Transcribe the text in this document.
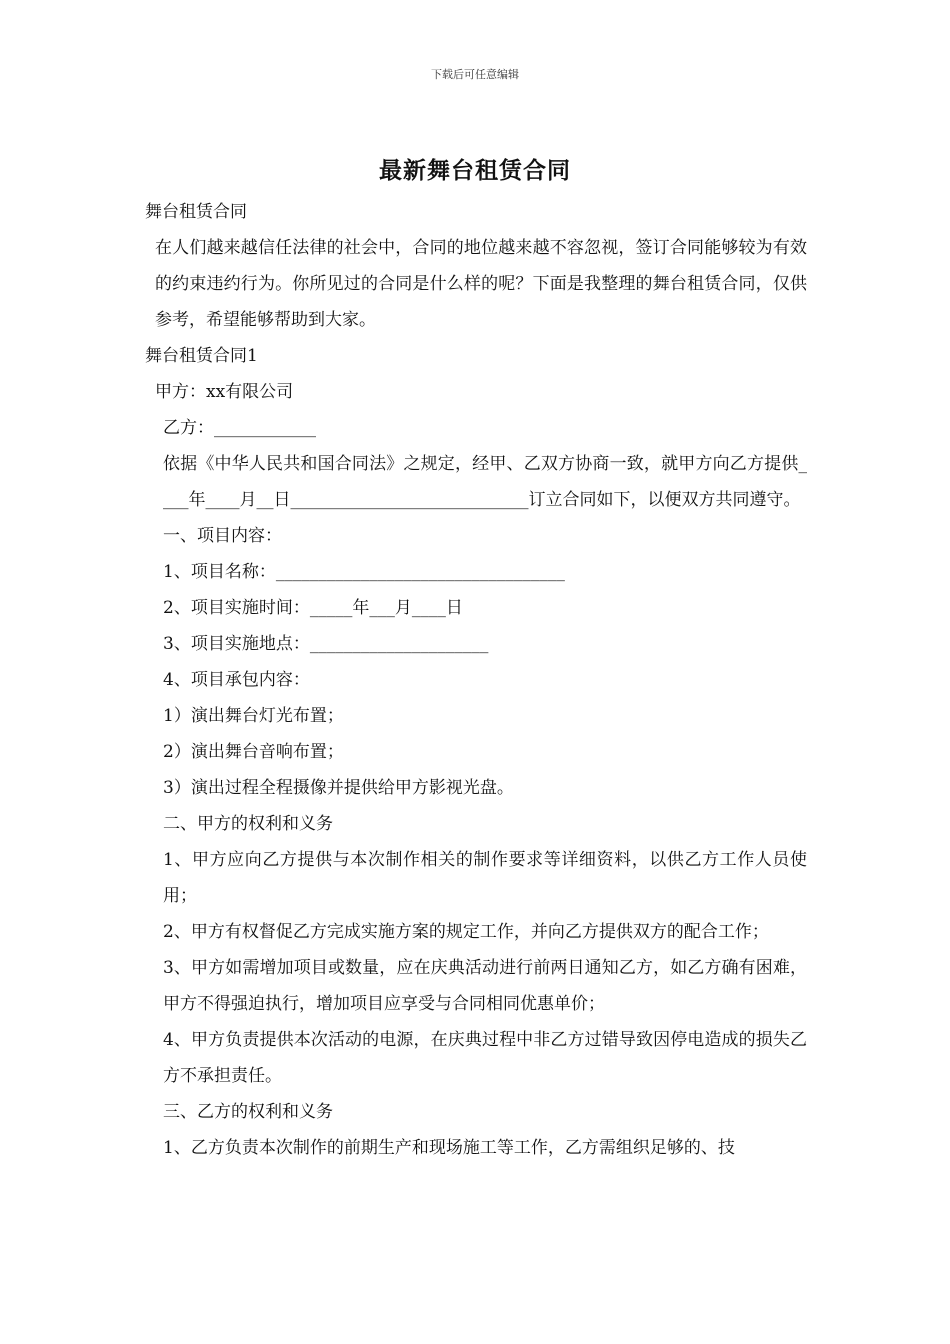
下载后可任意编辑
最新舞台租赁合同

舞台租赁合同

在人们越来越信任法律的社会中，合同的地位越来越不容忽视，签订合同能够较为有效的约束违约行为。你所见过的合同是什么样的呢？下面是我整理的舞台租赁合同，仅供参考，希望能够帮助到大家。

舞台租赁合同1

甲方：xx有限公司

乙方：____________

依据《中华人民共和国合同法》之规定，经甲、乙双方协商一致，就甲方向乙方提供____年____月__日____________________________订立合同如下，以便双方共同遵守。

一、项目内容：

1、项目名称：__________________________________

2、项目实施时间：_____年___月____日

3、项目实施地点：_____________________

4、项目承包内容：

1）演出舞台灯光布置；

2）演出舞台音响布置；

3）演出过程全程摄像并提供给甲方影视光盘。

二、甲方的权利和义务

1、甲方应向乙方提供与本次制作相关的制作要求等详细资料，以供乙方工作人员使用；

2、甲方有权督促乙方完成实施方案的规定工作，并向乙方提供双方的配合工作；

3、甲方如需增加项目或数量，应在庆典活动进行前两日通知乙方，如乙方确有困难，甲方不得强迫执行，增加项目应享受与合同相同优惠单价；

4、甲方负责提供本次活动的电源，在庆典过程中非乙方过错导致因停电造成的损失乙方不承担责任。

三、乙方的权利和义务

1、乙方负责本次制作的前期生产和现场施工等工作，乙方需组织足够的、技
